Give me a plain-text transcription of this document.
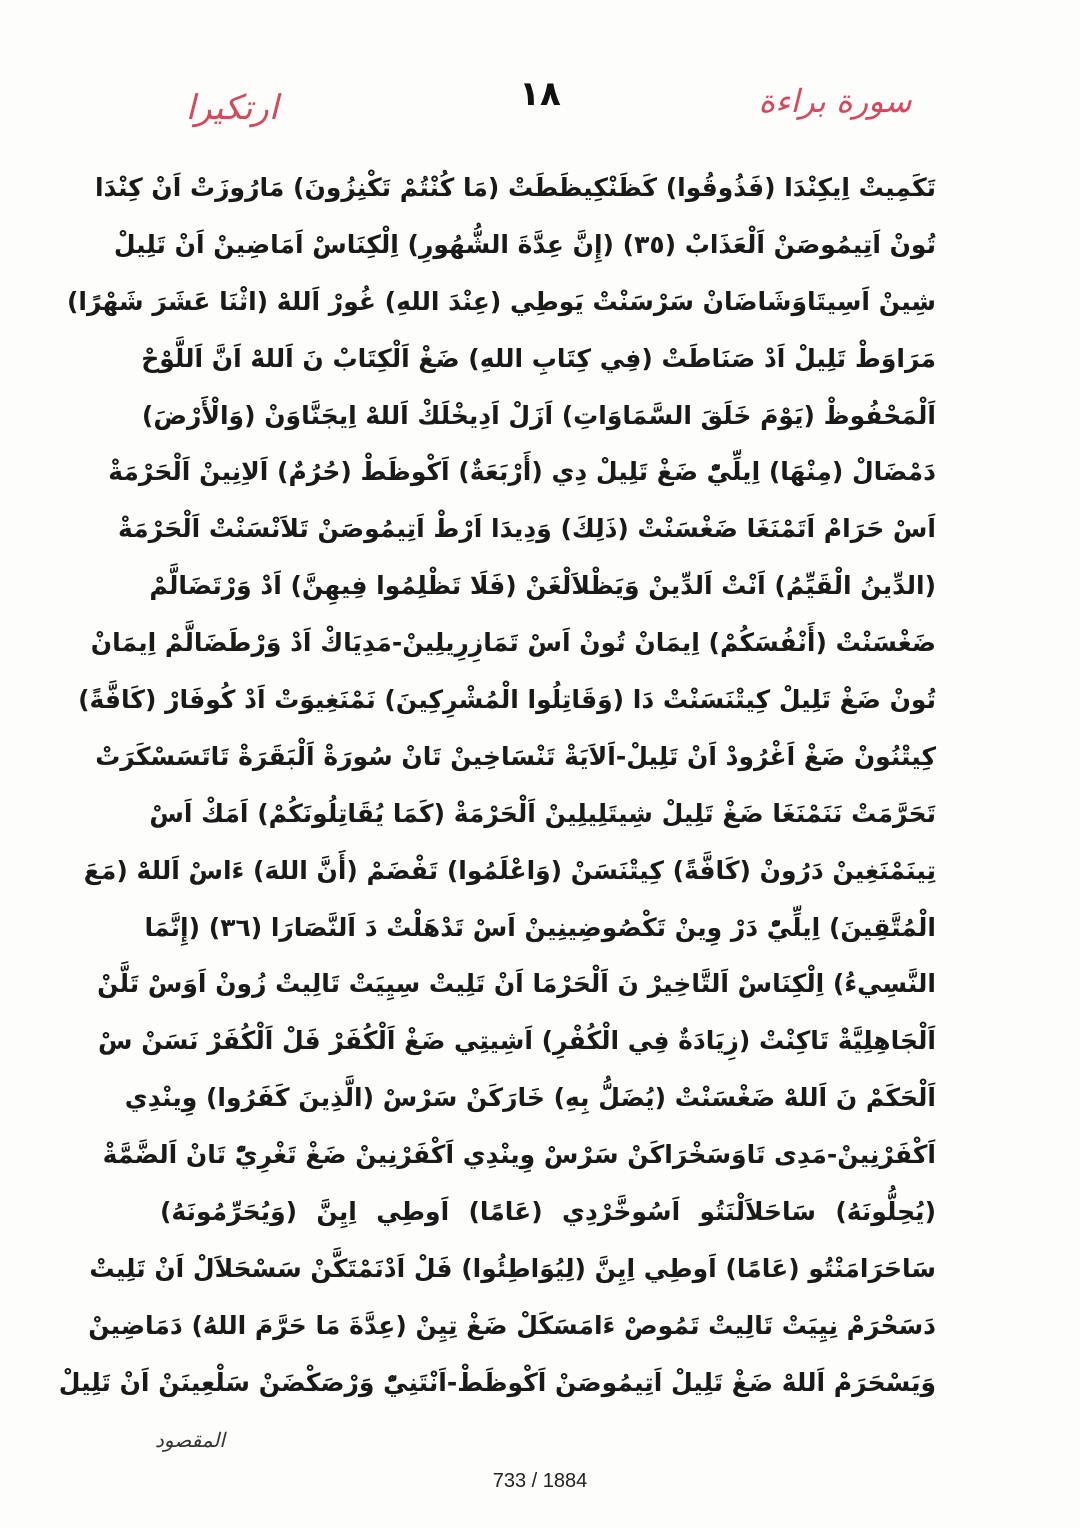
سورة براءة
١٨
ارتكيرا
تَكَمِيتْ اِيكِنْدَا (فَذُوقُوا) كَظَنْكِيظَطَتْ (مَا كُنْتُمْ تَكْنِزُونَ) مَارُوزَتْ اَنْ كِنْدَا
تُونْ اَتِيمُوصَنْ اَلْعَذَابْ (٣٥) (إِنَّ عِدَّةَ الشُّهُورِ) اِلْكِنَاسْ اَمَاضِينْ اَنْ تَلِيلْ
شِينْ اَسِيتَاوَشَاضَانْ سَرْسَنْتْ يَوطِي (عِنْدَ اللهِ) غُورْ اَللهْ (اثْنَا عَشَرَ شَهْرًا)
مَرَاوَطْ تَلِيلْ اَدْ صَنَاطَتْ (فِي كِتَابِ اللهِ) ضَغْ اَلْكِتَابْ نَ اَللهْ اَنَّ اَللَّوْحْ
اَلْمَحْفُوظْ (يَوْمَ خَلَقَ السَّمَاوَاتِ) اَزَلْ اَدِيخْلَكْ اَللهْ اِيجَنَّاوَنْ (وَالْأَرْضَ)
دَمْضَالْ (مِنْهَا) اِيلِّيّْ ضَغْ تَلِيلْ دِي (أَرْبَعَةٌ) اَكْوظَطْ (حُرُمٌ) اَلاِنِينْ اَلْحَرْمَةْ
اَسْ حَرَامْ اَتَمْنَغَا ضَغْسَنْتْ (ذَلِكَ) وَدِيدَا اَرْطْ اَتِيمُوصَنْ تَلاَنْسَنْتْ اَلْحَرْمَةْ
(الدِّينُ الْقَيِّمُ) اَنْتْ اَلدِّينْ وَيَظْلاَلْغَنْ (فَلَا تَظْلِمُوا فِيهِنَّ) اَدْ وَرْتَضَالَّمْ
ضَغْسَنْتْ (أَنْفُسَكُمْ) اِيمَانْ تُونْ اَسْ تَمَازِرِيلِينْ-مَدِيَاكْ اَدْ وَرْطَضَالَّمْ اِيمَانْ
تُونْ ضَغْ تَلِيلْ كِيتْنَسَنْتْ دَا (وَقَاتِلُوا الْمُشْرِكِينَ) نَمْنَغِيوَتْ اَدْ كُوفَارْ (كَافَّةً)
كِيتْنُونْ ضَغْ اَغْرُودْ اَنْ تَلِيلْ-اَلاَيَةْ تَنْسَاخِينْ تَانْ سُورَةْ اَلْبَقَرَةْ تَاتَسَسْكَرَتْ
تَحَرَّمَتْ نَنَمْنَغَا ضَغْ تَلِيلْ شِيتَلِيلِينْ اَلْحَرْمَةْ (كَمَا يُقَاتِلُونَكُمْ) اَمَكْ اَسْ
تِينَمْنَغِينْ دَرُونْ (كَافَّةً) كِيتْنَسَنْ (وَاعْلَمُوا) تَفْضَمْ (أَنَّ اللهَ) ءَاسْ اَللهْ (مَعَ
الْمُتَّقِينَ) اِيلِّيّْ دَرْ وِينْ تَكْصُوضِينِينْ اَسْ تَدْهَلْتْ دَ اَلنَّصَارَا (٣٦) (إِنَّمَا
النَّسِيءُ) اِلْكِنَاسْ اَلتَّاخِيرْ نَ اَلْحَرْمَا اَنْ تَلِيتْ سِيِيَتْ تَالِيتْ زُونْ اَوَسْ تَلَّنْ
اَلْجَاهِلِيَّةْ تَاكِنْتْ (زِيَادَةٌ فِي الْكُفْرِ) اَشِيتِي ضَغْ اَلْكُفَرْ فَلْ اَلْكُفَرْ نَسَنْ سْ
اَلْحَكَمْ نَ اَللهْ ضَغْسَنْتْ (يُضَلُّ بِهِ) خَارَكَنْ سَرْسْ (الَّذِينَ كَفَرُوا) وِينْدِي
اَكْفَرْنِينْ-مَدِى تَاوَسَخْرَاكَنْ سَرْسْ وِينْدِي اَكْفَرْنِينْ ضَغْ تَغْرِيّْ تَانْ اَلضَّمَّةْ
(يُحِلُّونَهُ) سَاحَلاَلْنَتُو اَسُوخَّرْدِي (عَامًا) اَوطِي اِيِنَّ (وَيُحَرِّمُونَهُ)
سَاحَرَامَنْتُو (عَامًا) اَوطِي اِيِنَّ (لِيُوَاطِئُوا) فَلْ اَدْنَمْتَكَّنْ سَسْحَلاَلْ اَنْ تَلِيتْ
دَسَحْرَمْ نِيِيَتْ تَالِيتْ تَمُوصْ ءَامَسَكَلْ ضَغْ تِيِنْ (عِدَّةَ مَا حَرَّمَ اللهُ) دَمَاضِينْ
وَيَسْحَرَمْ اَللهْ ضَغْ تَلِيلْ اَتِيمُوصَنْ اَكْوظَطْ-اَنْتَنِيّْ وَرْصَكْضَنْ سَلْعِينَنْ اَنْ تَلِيلْ
المقصود
733 / 1884
